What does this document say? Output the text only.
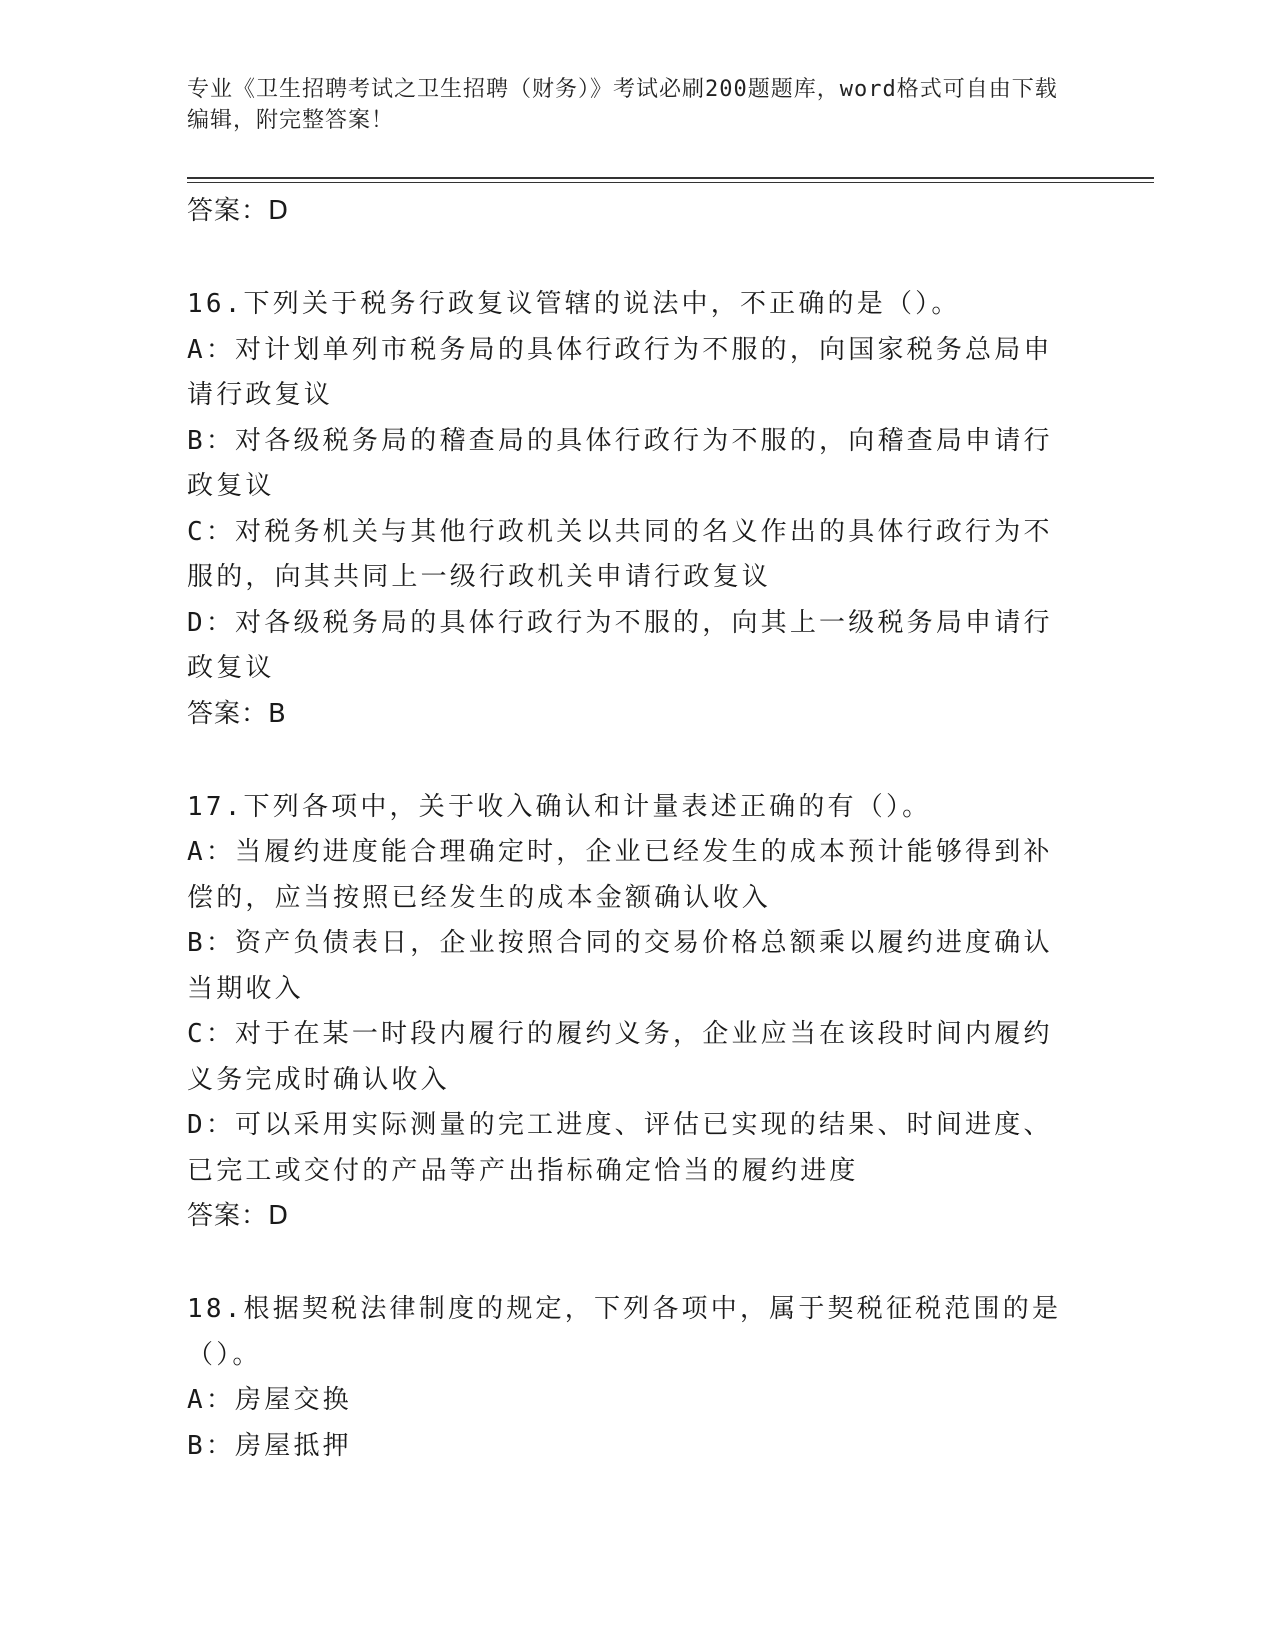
专业《卫生招聘考试之卫生招聘（财务）》考试必刷200题题库，word格式可自由下载编辑，附完整答案！

答案：D

16.下列关于税务行政复议管辖的说法中，不正确的是（）。

A：对计划单列市税务局的具体行政行为不服的，向国家税务总局申请行政复议

B：对各级税务局的稽查局的具体行政行为不服的，向稽查局申请行政复议

C：对税务机关与其他行政机关以共同的名义作出的具体行政行为不服的，向其共同上一级行政机关申请行政复议

D：对各级税务局的具体行政行为不服的，向其上一级税务局申请行政复议

答案：B

17.下列各项中，关于收入确认和计量表述正确的有（）。

A：当履约进度能合理确定时，企业已经发生的成本预计能够得到补偿的，应当按照已经发生的成本金额确认收入

B：资产负债表日，企业按照合同的交易价格总额乘以履约进度确认当期收入

C：对于在某一时段内履行的履约义务，企业应当在该段时间内履约义务完成时确认收入

D：可以采用实际测量的完工进度、评估已实现的结果、时间进度、已完工或交付的产品等产出指标确定恰当的履约进度

答案：D

18.根据契税法律制度的规定，下列各项中，属于契税征税范围的是（）。

A：房屋交换

B：房屋抵押
